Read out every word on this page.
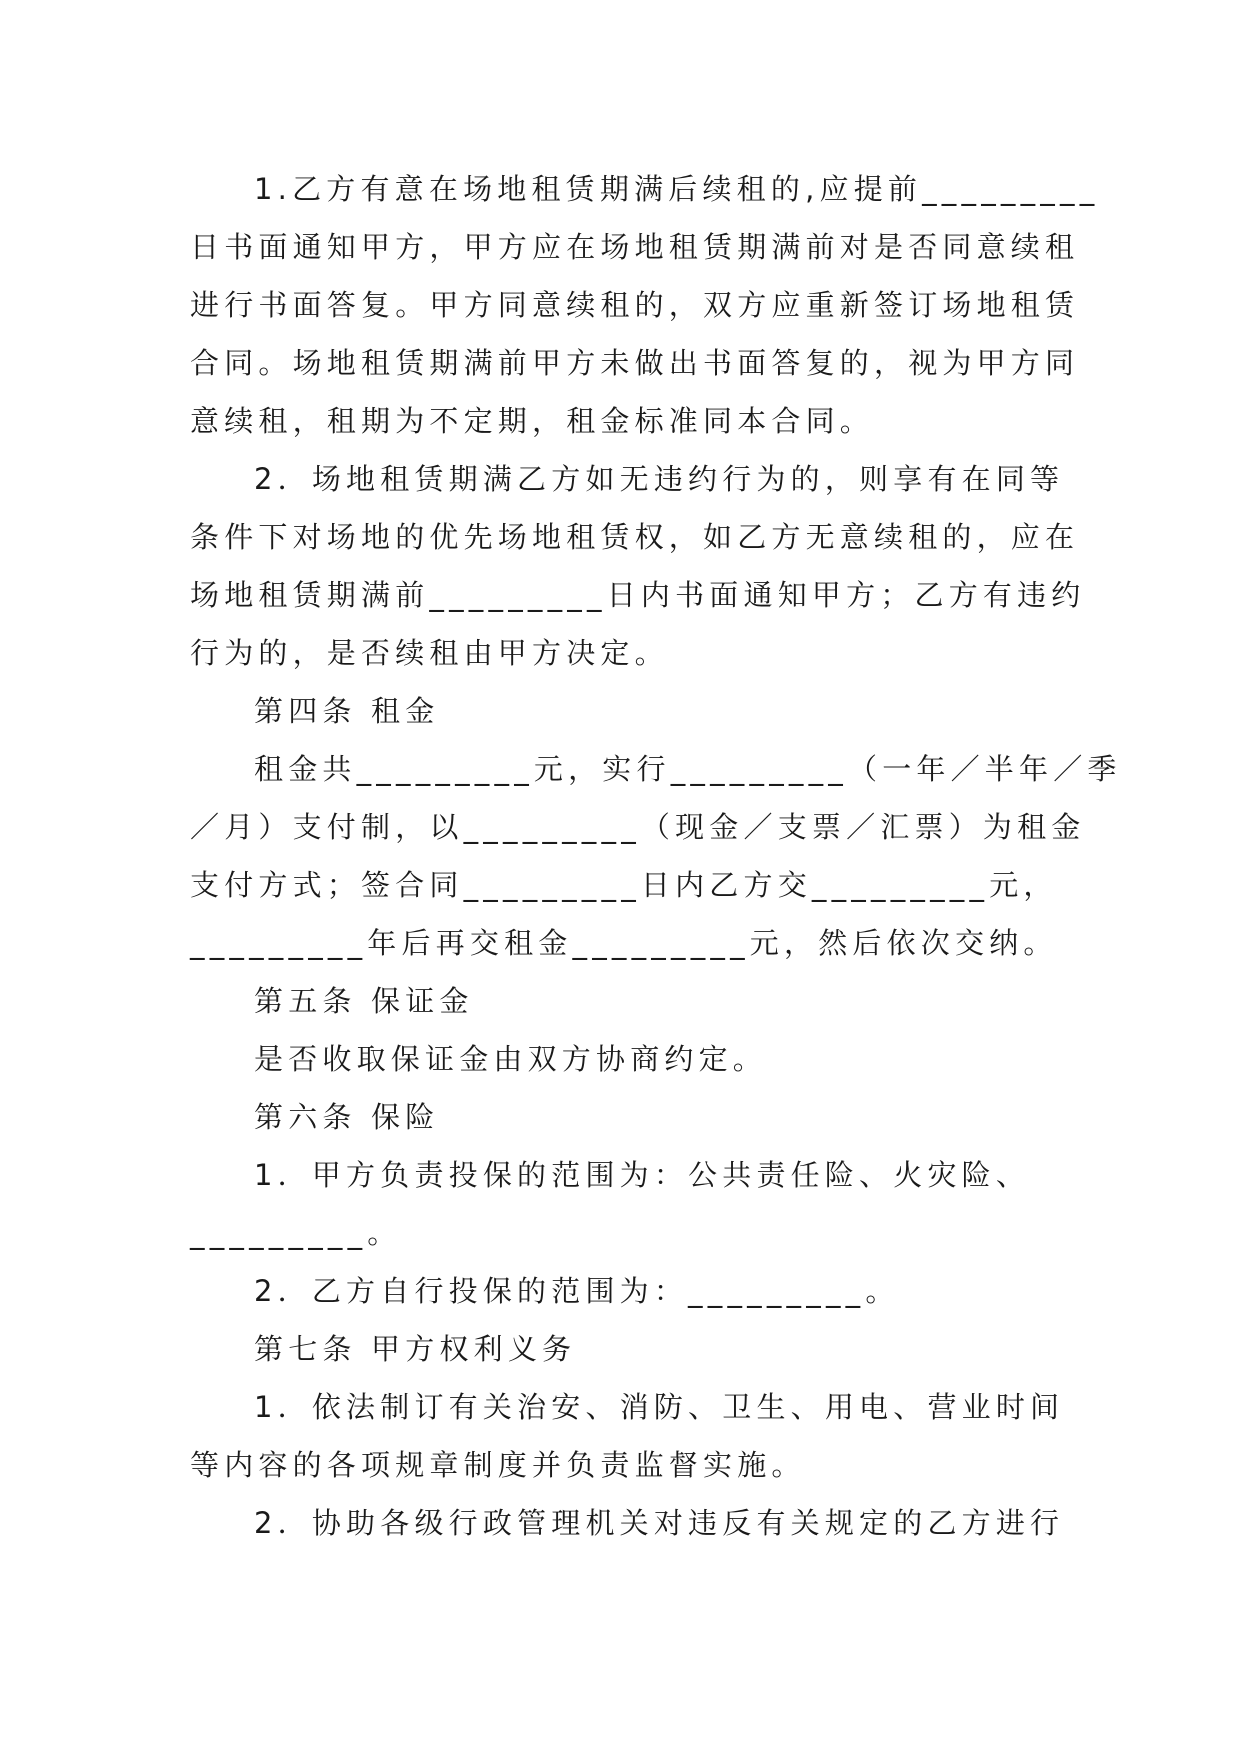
1.乙方有意在场地租赁期满后续租的,应提前_________
日书面通知甲方，甲方应在场地租赁期满前对是否同意续租
进行书面答复。甲方同意续租的，双方应重新签订场地租赁
合同。场地租赁期满前甲方未做出书面答复的，视为甲方同
意续租，租期为不定期，租金标准同本合同。
2．场地租赁期满乙方如无违约行为的，则享有在同等
条件下对场地的优先场地租赁权，如乙方无意续租的，应在
场地租赁期满前_________日内书面通知甲方；乙方有违约
行为的，是否续租由甲方决定。
第四条 租金
租金共_________元，实行_________（一年／半年／季
／月）支付制，以_________（现金／支票／汇票）为租金
支付方式；签合同_________日内乙方交_________元，
_________年后再交租金_________元，然后依次交纳。
第五条 保证金
是否收取保证金由双方协商约定。
第六条 保险
1．甲方负责投保的范围为：公共责任险、火灾险、
_________。
2．乙方自行投保的范围为：_________。
第七条 甲方权利义务
1．依法制订有关治安、消防、卫生、用电、营业时间
等内容的各项规章制度并负责监督实施。
2．协助各级行政管理机关对违反有关规定的乙方进行
